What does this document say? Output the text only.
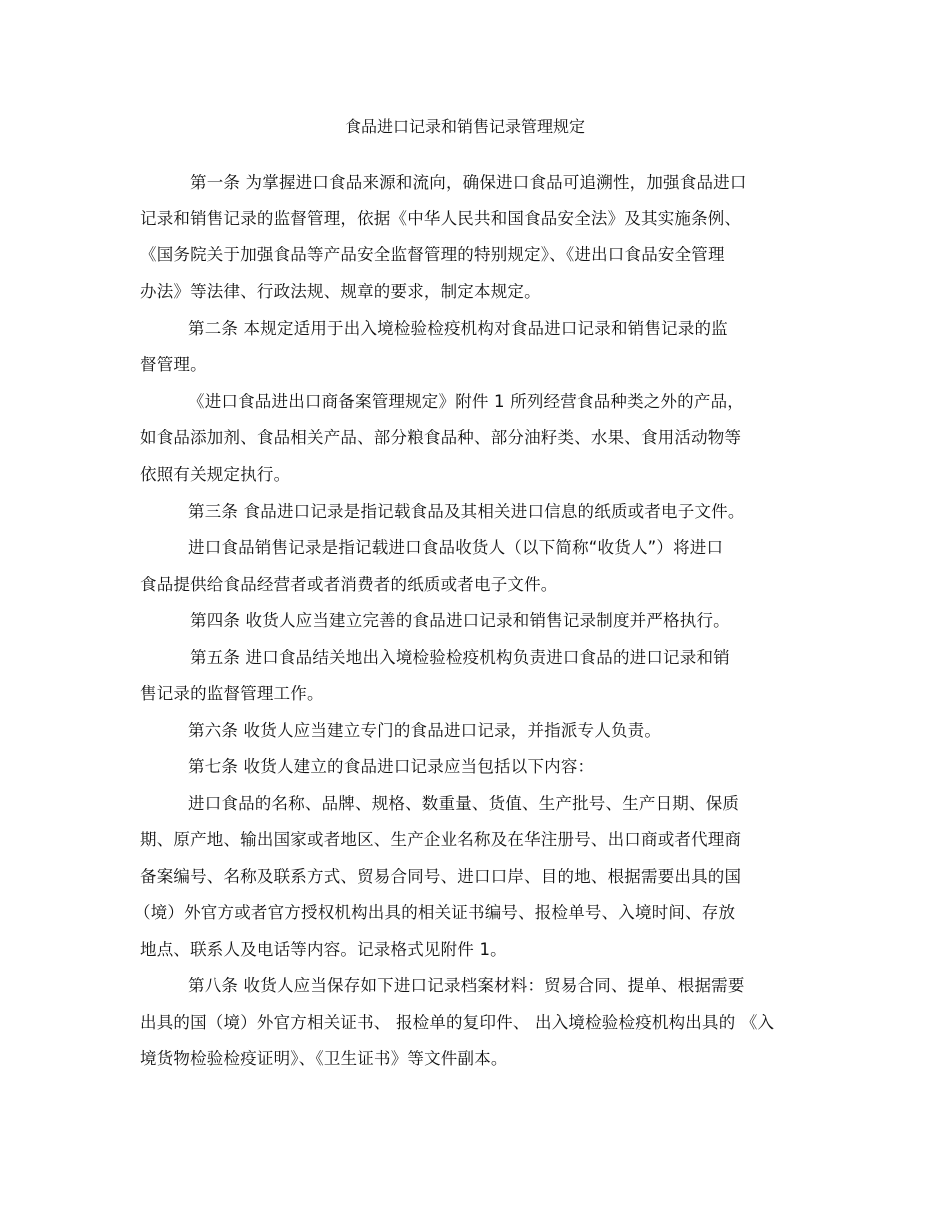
食品进口记录和销售记录管理规定
第一条 为掌握进口食品来源和流向，确保进口食品可追溯性，加强食品进口
记录和销售记录的监督管理，依据《中华人民共和国食品安全法》及其实施条例、
《国务院关于加强食品等产品安全监督管理的特别规定》、《进出口食品安全管理
办法》等法律、行政法规、规章的要求，制定本规定。
第二条 本规定适用于出入境检验检疫机构对食品进口记录和销售记录的监
督管理。
《进口食品进出口商备案管理规定》附件 1 所列经营食品种类之外的产品，
如食品添加剂、食品相关产品、部分粮食品种、部分油籽类、水果、食用活动物等
依照有关规定执行。
第三条 食品进口记录是指记载食品及其相关进口信息的纸质或者电子文件。
进口食品销售记录是指记载进口食品收货人（以下简称“收货人”）将进口
食品提供给食品经营者或者消费者的纸质或者电子文件。
第四条 收货人应当建立完善的食品进口记录和销售记录制度并严格执行。
第五条 进口食品结关地出入境检验检疫机构负责进口食品的进口记录和销
售记录的监督管理工作。
第六条 收货人应当建立专门的食品进口记录，并指派专人负责。
第七条 收货人建立的食品进口记录应当包括以下内容：
进口食品的名称、品牌、规格、数重量、货值、生产批号、生产日期、保质
期、原产地、输出国家或者地区、生产企业名称及在华注册号、出口商或者代理商
备案编号、名称及联系方式、贸易合同号、进口口岸、目的地、根据需要出具的国
（境）外官方或者官方授权机构出具的相关证书编号、报检单号、入境时间、存放
地点、联系人及电话等内容。记录格式见附件 1。
第八条 收货人应当保存如下进口记录档案材料：贸易合同、提单、根据需要
出具的国（境）外官方相关证书、 报检单的复印件、 出入境检验检疫机构出具的 《入
境货物检验检疫证明》、《卫生证书》等文件副本。
